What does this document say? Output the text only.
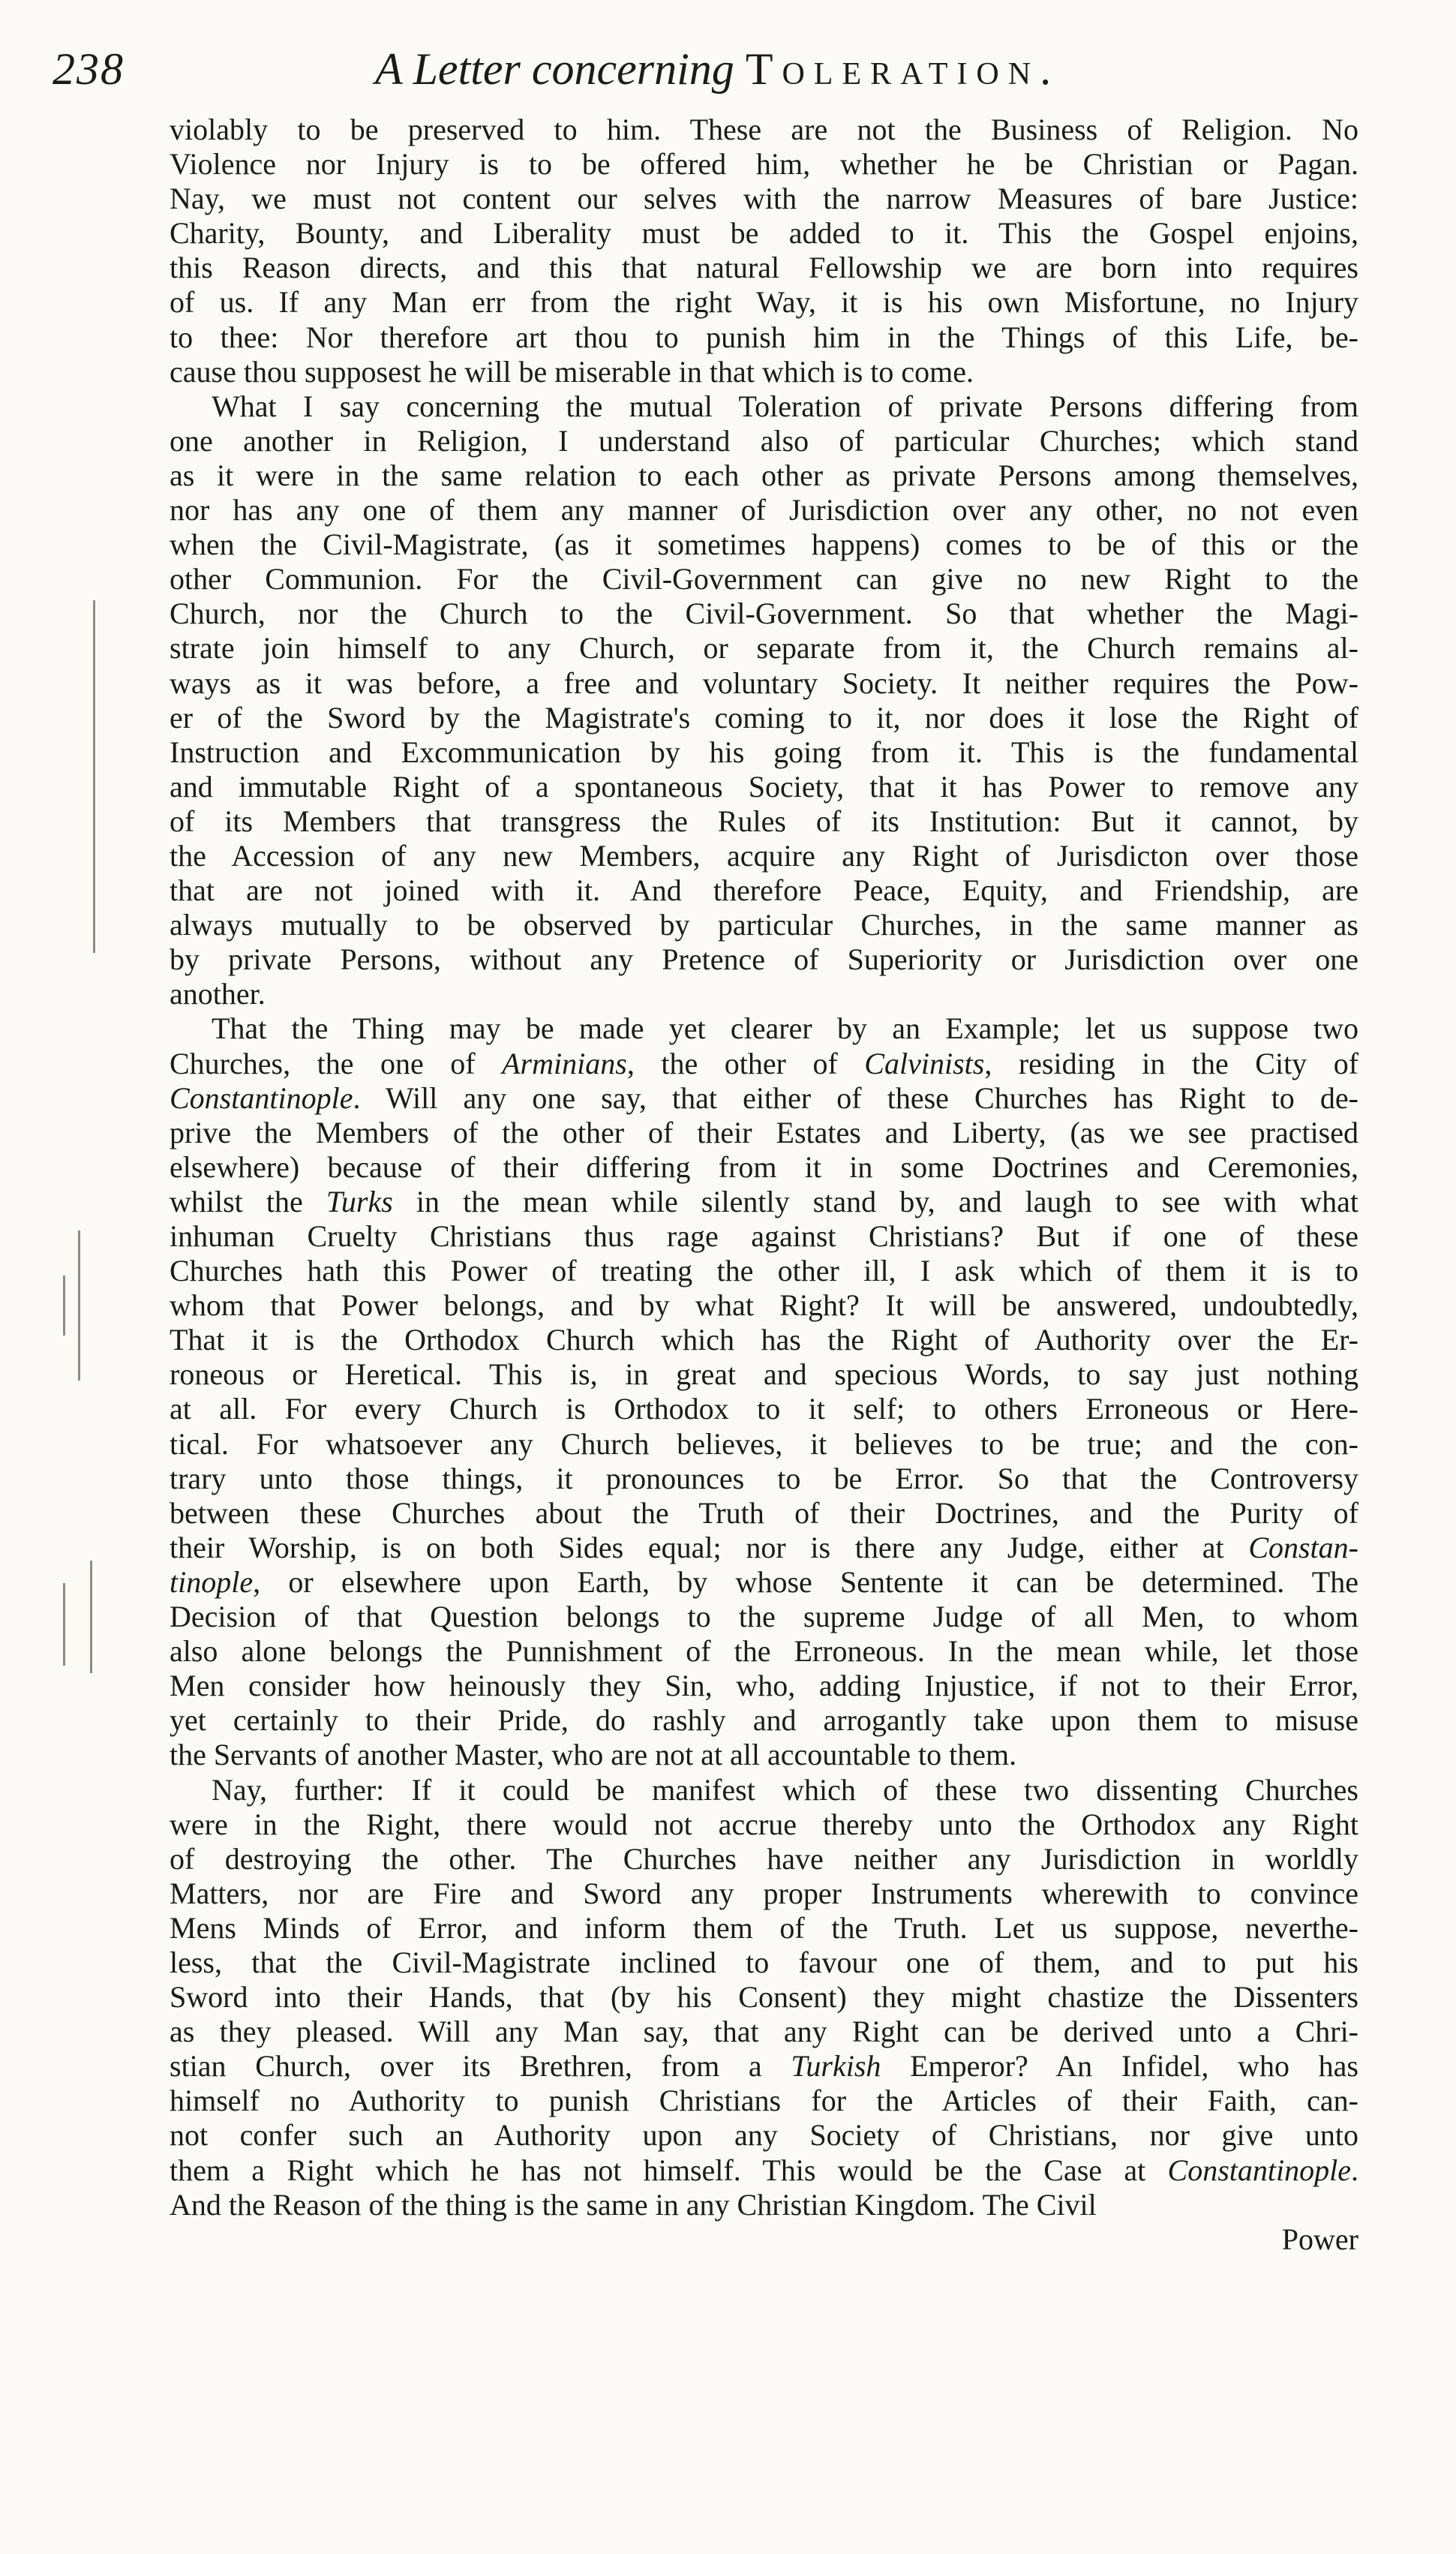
238	A Letter concerning Toleration.
violably to be preserved to him. These are not the Business of Religion. No
Violence nor Injury is to be offered him, whether he be Christian or Pagan.
Nay, we must not content our selves with the narrow Measures of bare Justice:
Charity, Bounty, and Liberality must be added to it. This the Gospel enjoins,
this Reason directs, and this that natural Fellowship we are born into requires
of us. If any Man err from the right Way, it is his own Misfortune, no Injury
to thee: Nor therefore art thou to punish him in the Things of this Life, be-
cause thou supposest he will be miserable in that which is to come.
What I say concerning the mutual Toleration of private Persons differing from
one another in Religion, I understand also of particular Churches; which stand
as it were in the same relation to each other as private Persons among themselves,
nor has any one of them any manner of Jurisdiction over any other, no not even
when the Civil-Magistrate, (as it sometimes happens) comes to be of this or the
other Communion. For the Civil-Government can give no new Right to the
Church, nor the Church to the Civil-Government. So that whether the Magi-
strate join himself to any Church, or separate from it, the Church remains al-
ways as it was before, a free and voluntary Society. It neither requires the Pow-
er of the Sword by the Magistrate's coming to it, nor does it lose the Right of
Instruction and Excommunication by his going from it. This is the fundamental
and immutable Right of a spontaneous Society, that it has Power to remove any
of its Members that transgress the Rules of its Institution: But it cannot, by
the Accession of any new Members, acquire any Right of Jurisdicton over those
that are not joined with it. And therefore Peace, Equity, and Friendship, are
always mutually to be observed by particular Churches, in the same manner as
by private Persons, without any Pretence of Superiority or Jurisdiction over one
another.
That the Thing may be made yet clearer by an Example; let us suppose two
Churches, the one of Arminians, the other of Calvinists, residing in the City of
Constantinople. Will any one say, that either of these Churches has Right to de-
prive the Members of the other of their Estates and Liberty, (as we see practised
elsewhere) because of their differing from it in some Doctrines and Ceremonies,
whilst the Turks in the mean while silently stand by, and laugh to see with what
inhuman Cruelty Christians thus rage against Christians? But if one of these
Churches hath this Power of treating the other ill, I ask which of them it is to
whom that Power belongs, and by what Right? It will be answered, undoubtedly,
That it is the Orthodox Church which has the Right of Authority over the Er-
roneous or Heretical. This is, in great and specious Words, to say just nothing
at all. For every Church is Orthodox to it self; to others Erroneous or Here-
tical. For whatsoever any Church believes, it believes to be true; and the con-
trary unto those things, it pronounces to be Error. So that the Controversy
between these Churches about the Truth of their Doctrines, and the Purity of
their Worship, is on both Sides equal; nor is there any Judge, either at Constan-
tinople, or elsewhere upon Earth, by whose Sentente it can be determined. The
Decision of that Question belongs to the supreme Judge of all Men, to whom
also alone belongs the Punnishment of the Erroneous. In the mean while, let those
Men consider how heinously they Sin, who, adding Injustice, if not to their Error,
yet certainly to their Pride, do rashly and arrogantly take upon them to misuse
the Servants of another Master, who are not at all accountable to them.
Nay, further: If it could be manifest which of these two dissenting Churches
were in the Right, there would not accrue thereby unto the Orthodox any Right
of destroying the other. The Churches have neither any Jurisdiction in worldly
Matters, nor are Fire and Sword any proper Instruments wherewith to convince
Mens Minds of Error, and inform them of the Truth. Let us suppose, neverthe-
less, that the Civil-Magistrate inclined to favour one of them, and to put his
Sword into their Hands, that (by his Consent) they might chastize the Dissenters
as they pleased. Will any Man say, that any Right can be derived unto a Chri-
stian Church, over its Brethren, from a Turkish Emperor? An Infidel, who has
himself no Authority to punish Christians for the Articles of their Faith, can-
not confer such an Authority upon any Society of Christians, nor give unto
them a Right which he has not himself. This would be the Case at Constantinople.
And the Reason of the thing is the same in any Christian Kingdom. The Civil
Power
